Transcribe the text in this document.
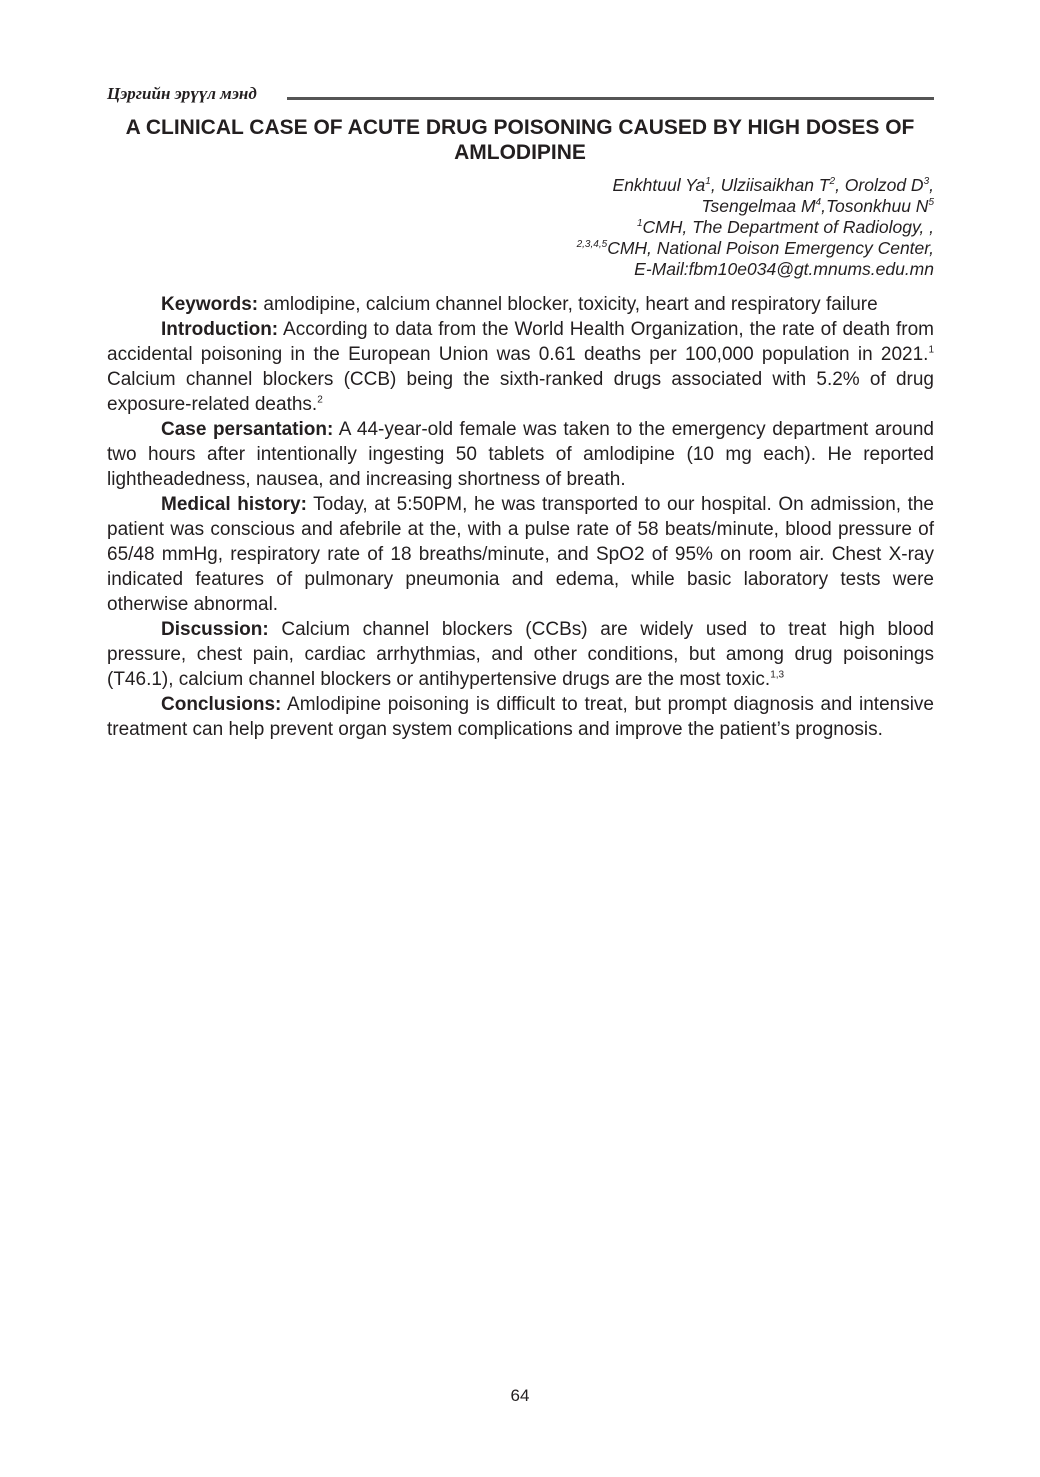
Цэргийн эрүүл мэнд
A CLINICAL CASE OF ACUTE DRUG POISONING CAUSED BY HIGH DOSES OF AMLODIPINE
Enkhtuul Ya$^1$, Ulziisaikhan $T^2$, Orolzod $D^3$,
Tsengelmaa $M^4,Tosonkhuu$ $N^5$
$^1$CMH, The Department of Radiology, ,
$^{2,3,4,5}$CMH, National Poison Emergency Center,
E-Mail:fbm10e034@gt.mnums.edu.mn

Keywords: amlodipine, calcium channel blocker, toxicity, heart and respiratory failure

Introduction: According to data from the World Health Organization, the rate of death from accidental poisoning in the European Union was 0.61 deaths per 100,000 population in 2021.$^1$ Calcium channel blockers (CCB) being the sixth-ranked drugs associated with 5.2% of drug exposure-related deaths.$^2$

Case persantation: A 44-year-old female was taken to the emergency department around two hours after intentionally ingesting 50 tablets of amlodipine (10 mg each). He reported lightheadedness, nausea, and increasing shortness of breath.

Medical history: Today, at 5:50PM, he was transported to our hospital. On admission, the patient was conscious and afebrile at the, with a pulse rate of 58 beats/minute, blood pressure of 65/48 mmHg, respiratory rate of 18 breaths/minute, and SpO2 of 95% on room air. Chest X-ray indicated features of pulmonary pneumonia and edema, while basic laboratory tests were otherwise abnormal.

Discussion: Calcium channel blockers (CCBs) are widely used to treat high blood pressure, chest pain, cardiac arrhythmias, and other conditions, but among drug poisonings (T46.1), calcium channel blockers or antihypertensive drugs are the most toxic.$^{1,3}$

Conclusions: Amlodipine poisoning is difficult to treat, but prompt diagnosis and intensive treatment can help prevent organ system complications and improve the patient’s prognosis.

64
